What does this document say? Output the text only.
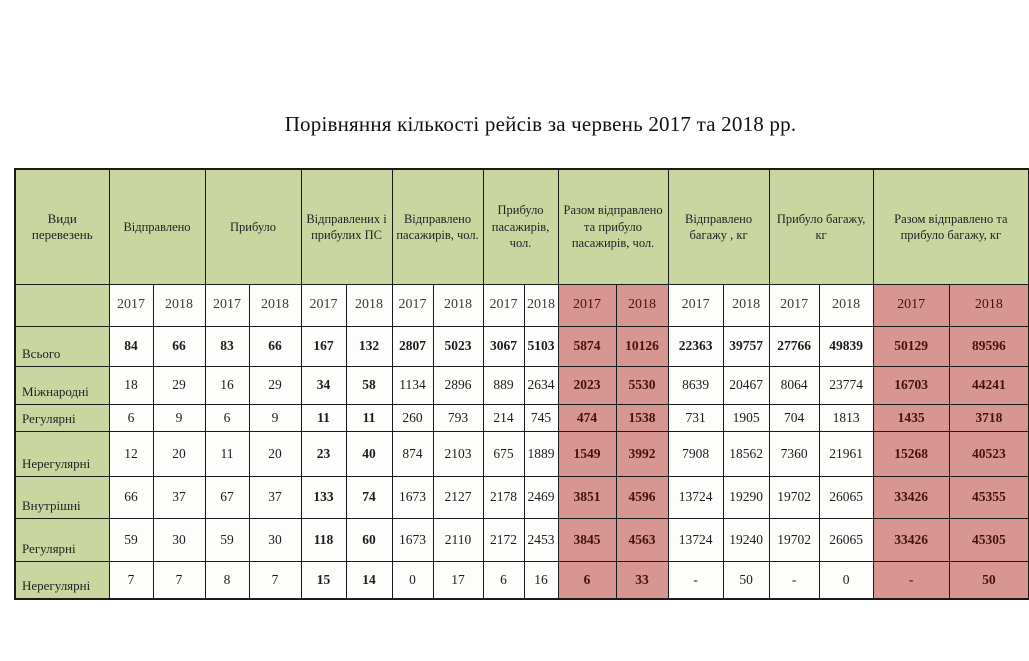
Порівняння кількості рейсів за червень 2017 та 2018 рр.
Види перевезень	Відправлено		Прибуло		Відправлених і прибулих ПС		Відправлено пасажирів, чол.		Прибуло пасажирів, чол.		Разом відправлено та прибуло пасажирів, чол.		Відправлено багажу , кг		Прибуло багажу, кг		Разом відправлено та прибуло багажу, кг	
	2017	2018	2017	2018	2017	2018	2017	2018	2017	2018	2017	2018	2017	2018	2017	2018	2017	2018
Всього	84	66	83	66	167	132	2807	5023	3067	5103	5874	10126	22363	39757	27766	49839	50129	89596
Міжнародні	18	29	16	29	34	58	1134	2896	889	2634	2023	5530	8639	20467	8064	23774	16703	44241
Регулярні	6	9	6	9	11	11	260	793	214	745	474	1538	731	1905	704	1813	1435	3718
Нерегулярні	12	20	11	20	23	40	874	2103	675	1889	1549	3992	7908	18562	7360	21961	15268	40523
Внутрішні	66	37	67	37	133	74	1673	2127	2178	2469	3851	4596	13724	19290	19702	26065	33426	45355
Регулярні	59	30	59	30	118	60	1673	2110	2172	2453	3845	4563	13724	19240	19702	26065	33426	45305
Нерегулярні	7	7	8	7	15	14	0	17	6	16	6	33	-	50	-	0	-	50
